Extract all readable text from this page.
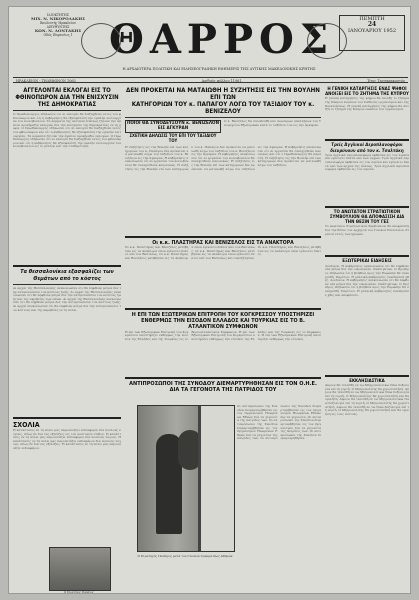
ΙΔΙΟΚΤΗΤΗΣ
ΜΙΧ. Ν. ΝΙΚΟΡΟΛΑΚΗΣ
Βουλευτής Ηρακλείου
ΔΙΕΥΘΥΝΤΗΣ
ΚΩΝ. Ν. ΛΟΝΤΑΚΗΣ
Οδός Ιδομενέως 1 ΘΑΡΡΟΣ
Η ΑΡΧΑΙΟΤΕΡΑ ΠΟΛΙΤΙΚΗ ΚΑΙ ΕΙΔΗΣΕΟΓΡΑΦΙΚΗ ΕΦΗΜΕΡΙΣ ΤΗΣ ΔΥΤΙΚΗΣ ΜΑΚΕΔΟΝΙΚΗΣ ΚΡΗΤΗΣ
ΠΕΜΠΤΗ
24
ΙΑΝΟΥΑΡΙΟΥ 1952
ΗΡΑΚΛΕΙΟΝ - ΤΗΛΕΦΩΝΟΝ 1065	Αριθμός φύλλου 11961	Έτος Τεσσαρακοστόν
ΑΓΓΕΛΟΝΤΑΙ ΕΚΛΟΓΑΙ ΕΙΣ ΤΟ ΦΘΙΝΟΠΩΡΟΝ ΔΙΑ ΤΗΝ ΕΝΙΣΧΥΣΙΝ ΤΗΣ ΔΗΜΟΚΡΑΤΙΑΣ
Ο Πρωθυπουργός εδήλωσεν ότι αι εκλογαί θα διεξαχθούν εντός του φθινοπώρου και ότι η κυβέρνησις θα εξασφαλίση την ομαλήν λειτουργίαν του κοινοβουλίου. Τα κόμματα της αντιπολιτεύσεως ζητούν την άμεσον προκήρυξιν εκλογών δια την ενίσχυσιν της δημοκρατίας εν τη χώρα. Ο Πρωθυπουργός εδήλωσεν ότι αι εκλογαί θα διεξαχθούν εντός του φθινοπώρου και ότι η κυβέρνησις θα εξασφαλίση την ομαλήν λειτουργίαν. Τα κόμματα ζητούν την άμεσον προκήρυξιν εκλογών. Ο Πρωθυπουργός εδήλωσεν ότι αι εκλογαί θα διεξαχθούν εντός του φθινοπώρου και ότι η κυβέρνησις θα εξασφαλίση την ομαλήν λειτουργίαν του κοινοβουλίου εις το μέλλον και την σταθερότητα.
Τα θεσσαλονίκια εξασφαλίζει των Θεμάτων από το κόστος
Αι αρχαί της Θεσσαλονίκης ανεκοίνωσαν ότι θα ληφθούν μέτρα δια την αντιμετώπισιν του κόστους ζωής. Αι αρχαί της Θεσσαλονίκης ανεκοίνωσαν ότι θα ληφθούν μέτρα δια την αντιμετώπισιν του κόστους ζωής και της ακριβείας των ειδών. Αι αρχαί της Θεσσαλονίκης ανεκοίνωσαν ότι θα ληφθούν μέτρα δια την αντιμετώπισιν του κόστους ζωής. Αι αρχαί ανεκοίνωσαν ότι θα ληφθούν μέτρα δια την αντιμετώπισιν του κόστους και της ακριβείας εν τη πόλει.
ΣΧΟΛΙΑ
Η κατάστασις εν τη πόλει μας παρουσιάζει ενδιαφέρον δια πολλούς λόγους, ιδίως δε δια τας εξελίξεις εις τον πολιτικόν στίβον. Η κατάστασις εν τη πόλει μας παρουσιάζει ενδιαφέρον δια πολλούς λόγους. Η κατάστασις εν τη πόλει μας παρουσιάζει ενδιαφέρον δια πολλούς λόγους, ιδίως δε δια τας εξελίξεις. Η κατάστασις εν τη πόλει μας παρουσιάζει ενδιαφέρον.
ΔΕΝ ΠΡΟΚΕΙΤΑΙ ΝΑ ΜΑΤΑΙΩΘΗ Η ΣΥΖΗΤΗΣΙΣ ΕΙΣ ΤΗΝ ΒΟΥΛΗΝ ΕΠΙ ΤΩΝ
ΚΑΤΗΓΟΡΙΩΝ ΤΟΥ κ. ΠΑΠΑΓΟΥ ΛΟΓΩ ΤΟΥ ΤΑΞΙΔΙΟΥ ΤΟΥ κ. ΒΕΝΙΖΕΛΟΥ
ΠΟΙΟΙ ΘΑ ΣΥΝΟΔΕΥΣΟΥΝ κ. ΒΕΝΙΖΕΛΟΝ ΕΙΣ ΑΓΚΥΡΑΝ
ΣΧΕΤΙΚΗ ΔΗΛΩΣΙΣ ΤΟΥ ΕΠΙ ΤΟΥ ΤΑΞΙΔΙΟΥ ΤΟΥ
Ο κ. Βενιζέλος θα συνοδευθή υπό ανωτέρων υπαλλήλων του Υπουργείου Εξωτερικών κατά το ταξίδιον του εις την Άγκυραν.
Η συζήτησις εις την Βουλήν επί των κατηγοριών του κ. Παπάγου δεν πρόκειται να ματαιωθή λόγω του ταξιδίου του κ. Βενιζέλου εις την Άγκυραν. Η κυβέρνησις ανεκοίνωσεν ότι αι εργασίαι του κοινοβουλίου θα συνεχισθούν κανονικώς. Η συζήτησις εις την Βουλήν επί των κατηγοριών του κ. Παπάγου δεν πρόκειται να ματαιωθή λόγω του ταξιδίου του κ. Βενιζέλου εις την Άγκυραν. Η κυβέρνησις ανεκοίνωσεν ότι αι εργασίαι του κοινοβουλίου θα συνεχισθούν κανονικώς. Η συζήτησις εις την Βουλήν επί των κατηγοριών δεν πρόκειται να ματαιωθή λόγω του ταξιδίου εις την Άγκυραν. Η κυβέρνησις ανεκοίνωσεν ότι αι εργασίαι θα συνεχισθούν κανονικώς και ότι ο Πρωθυπουργός θα παραστή. Η συζήτησις εις την Βουλήν επί των κατηγοριών δεν πρόκειται να ματαιωθή λόγω του ταξιδίου.
Οι κ.κ. ΠΛΑΣΤΗΡΑΣ ΚΑΙ ΒΕΝΙΖΕΛΟΣ ΕΙΣ ΤΑ ΑΝΑΚΤΟΡΑ
Οι κ.κ. Πλαστήρας και Βενιζέλος μετέβησαν εις τα Ανάκτορα όπου εγένοντο δεκτοί υπό του Βασιλέως. Οι κ.κ. Πλαστήρας και Βενιζέλος μετέβησαν εις τα Ανάκτορα όπου εγένοντο δεκτοί υπό του Βασιλέως. Οι κ.κ. Πλαστήρας και Βενιζέλος μετέβησαν εις τα Ανάκτορα όπου εγένοντο δεκτοί υπό του Βασιλέως και συνεζήτησαν. Οι κ.κ. Πλαστήρας και Βενιζέλος μετέβησαν εις τα Ανάκτορα όπου εγένοντο δεκτοί.
Η ΕΠΙ ΤΩΝ ΕΞΩΤΕΡΙΚΩΝ ΕΠΙΤΡΟΠΗ ΤΟΥ ΚΟΓΚΡΕΣΣΟΥ ΥΠΟΣΤΗΡΙΖΕΙ ΕΝΘΕΡΜΩΣ ΤΗΝ ΕΙΣΟΔΟΝ ΕΛΛΑΔΟΣ ΚΑΙ ΤΟΥΡΚΙΑΣ ΕΙΣ ΤΟ Β. ΑΤΛΑΝΤΙΚΟΝ ΣΥΜΦΩΝΟΝ
Η επί των Εξωτερικών Επιτροπή του Κογκρέσσου υποστηρίζει ενθέρμως την είσοδον της Ελλάδος και της Τουρκίας εις το Βορειοατλαντικόν Σύμφωνον. Η επί των Εξωτερικών Επιτροπή του Κογκρέσσου υποστηρίζει ενθέρμως την είσοδον της Ελλάδος και της Τουρκίας εις το Σύμφωνον. Η επί των Εξωτερικών Επιτροπή υποστηρίζει ενθέρμως την είσοδον.
ΑΝΤΙΠΡΟΣΩΠΟΙ ΤΗΣ ΣΥΝΟΔΟΥ ΔΙΕΜΑΡΤΥΡΗΘΗΣΑΝ ΕΙΣ ΤΟΝ Ο.Η.Ε. ΔΙΑ ΤΑ ΓΕΓΟΝΟΤΑ ΤΗΣ ΠΑΤΡΙΔΟΣ ΤΟΥ
Ο Στρατηγός Παπάγος μετά του Γενικού Γραμματέως Αθηνών
Οι αντιπρόσωποι της Συνόδου διεμαρτυρήθησαν εις τον Οργανισμόν Ηνωμένων Εθνών δια τα γεγονότα της πατρίδος των. Οι αντιπρόσωποι της Συνόδου διεμαρτυρήθησαν εις τον Οργανισμόν Ηνωμένων Εθνών δια τα γεγονότα της πατρίδος των. Οι αντιπρόσωποι της Συνόδου διεμαρτυρήθησαν εις τον Οργανισμόν Ηνωμένων Εθνών δια τα γεγονότα. Οι αντιπρόσωποι της Συνόδου διεμαρτυρήθησαν εις τον Οργανισμόν δια τα γεγονότα της πατρίδος των. Οι αντιπρόσωποι της Συνόδου διεμαρτυρήθησαν.
Ο Στρατηγός Παπάγος
Η ΓΕΝΙΚΗ ΚΑΤΑΡΓΗΣΙΣ ΕΝΑΣ ΨΗΦΟΙ ΑΝΟΙΞΕΙ ΕΙΣ ΤΟ ΖΗΤΗΜΑ ΤΗΣ ΚΥΠΡΟΥ
Η γενική κατάργησις της ψήφου θα ανοίξη το ζήτημα της Κύπρου ενώπιον του διεθνούς οργανισμού και της Συνελεύσεως. Η γενική κατάργησις της ψήφου θα ανοίξη το ζήτημα της Κύπρου ενώπιον του οργανισμού.
Τρείς Άγγλικοί Αεροπλανοφόροι διευρύνουν από τον κ. Τσαλτάκη
Τρία αγγλικά αεροπλανοφόρα έφθασαν εις τον λιμένα και εγένοντο δεκτά υπό των αρχών. Τρία αγγλικά αεροπλανοφόρα έφθασαν εις τον λιμένα και εγένοντο δεκτά υπό των αρχών της πόλεως. Τρία αγγλικά αεροπλανοφόρα έφθασαν εις τον λιμένα.
ΤΟ ΑΝΩΤΑΤΟΝ ΣΤΡΑΤΙΩΤΙΚΟΝ ΣΥΜΒΟΥΛΙΟΝ ΘΑ ΑΠΟΦΑΣΙΣΗ ΔΙΑ ΤΗΝ ΘΕΣΙΝ ΤΟΥ ΓΕΣ
Το Ανώτατον Στρατιωτικόν Συμβούλιον θα αποφασίση δια την θέσιν του Αρχηγού του Γενικού Επιτελείου Στρατού εντός των ημερών.
ΕΞΩΤΕΡΙΚΑΙ ΕΙΔΗΣΕΙΣ
Λονδίνον. Η κυβέρνησις ανεκοίνωσεν ότι θα ληφθούν νέα μέτρα δια την οικονομίαν. Ουάσιγκτων. Ο Πρόεδρος εδήλωσεν ότι η βοήθεια προς την Ευρώπην θα συνεχισθή. Παρίσιοι. Η γαλλική κυβέρνησις συνεδρίασε χθες. Λονδίνον. Η κυβέρνησις ανεκοίνωσεν ότι θα ληφθούν νέα μέτρα δια την οικονομίαν. Ουάσιγκτων. Ο Πρόεδρος εδήλωσεν ότι η βοήθεια προς την Ευρώπην θα συνεχισθή. Παρίσιοι. Η γαλλική κυβέρνησις συνεδρίασε χθες και απεφάσισε.
ΕΚΚΛΗΣΙΑΣΤΙΚΑ
Αύριον θα τελεσθή εν τω Μητροπολιτικώ Ναώ δοξολογία επί τη εορτή. Ο Μητροπολίτης θα χοροστατήση. Αύριον θα τελεσθή εν τω Μητροπολιτικώ Ναώ δοξολογία επί τη εορτή. Ο Μητροπολίτης θα χοροστατήση και θα ομιλήση. Αύριον θα τελεσθή εν τω Μητροπολιτικώ Ναώ δοξολογία επί τη εορτή. Ο Μητροπολίτης θα χοροστατήση. Αύριον θα τελεσθή εν τω Ναώ δοξολογία επί τη εορτή. Ο Μητροπολίτης θα χοροστατήση και θα ομιλήση εις τους πιστούς.
